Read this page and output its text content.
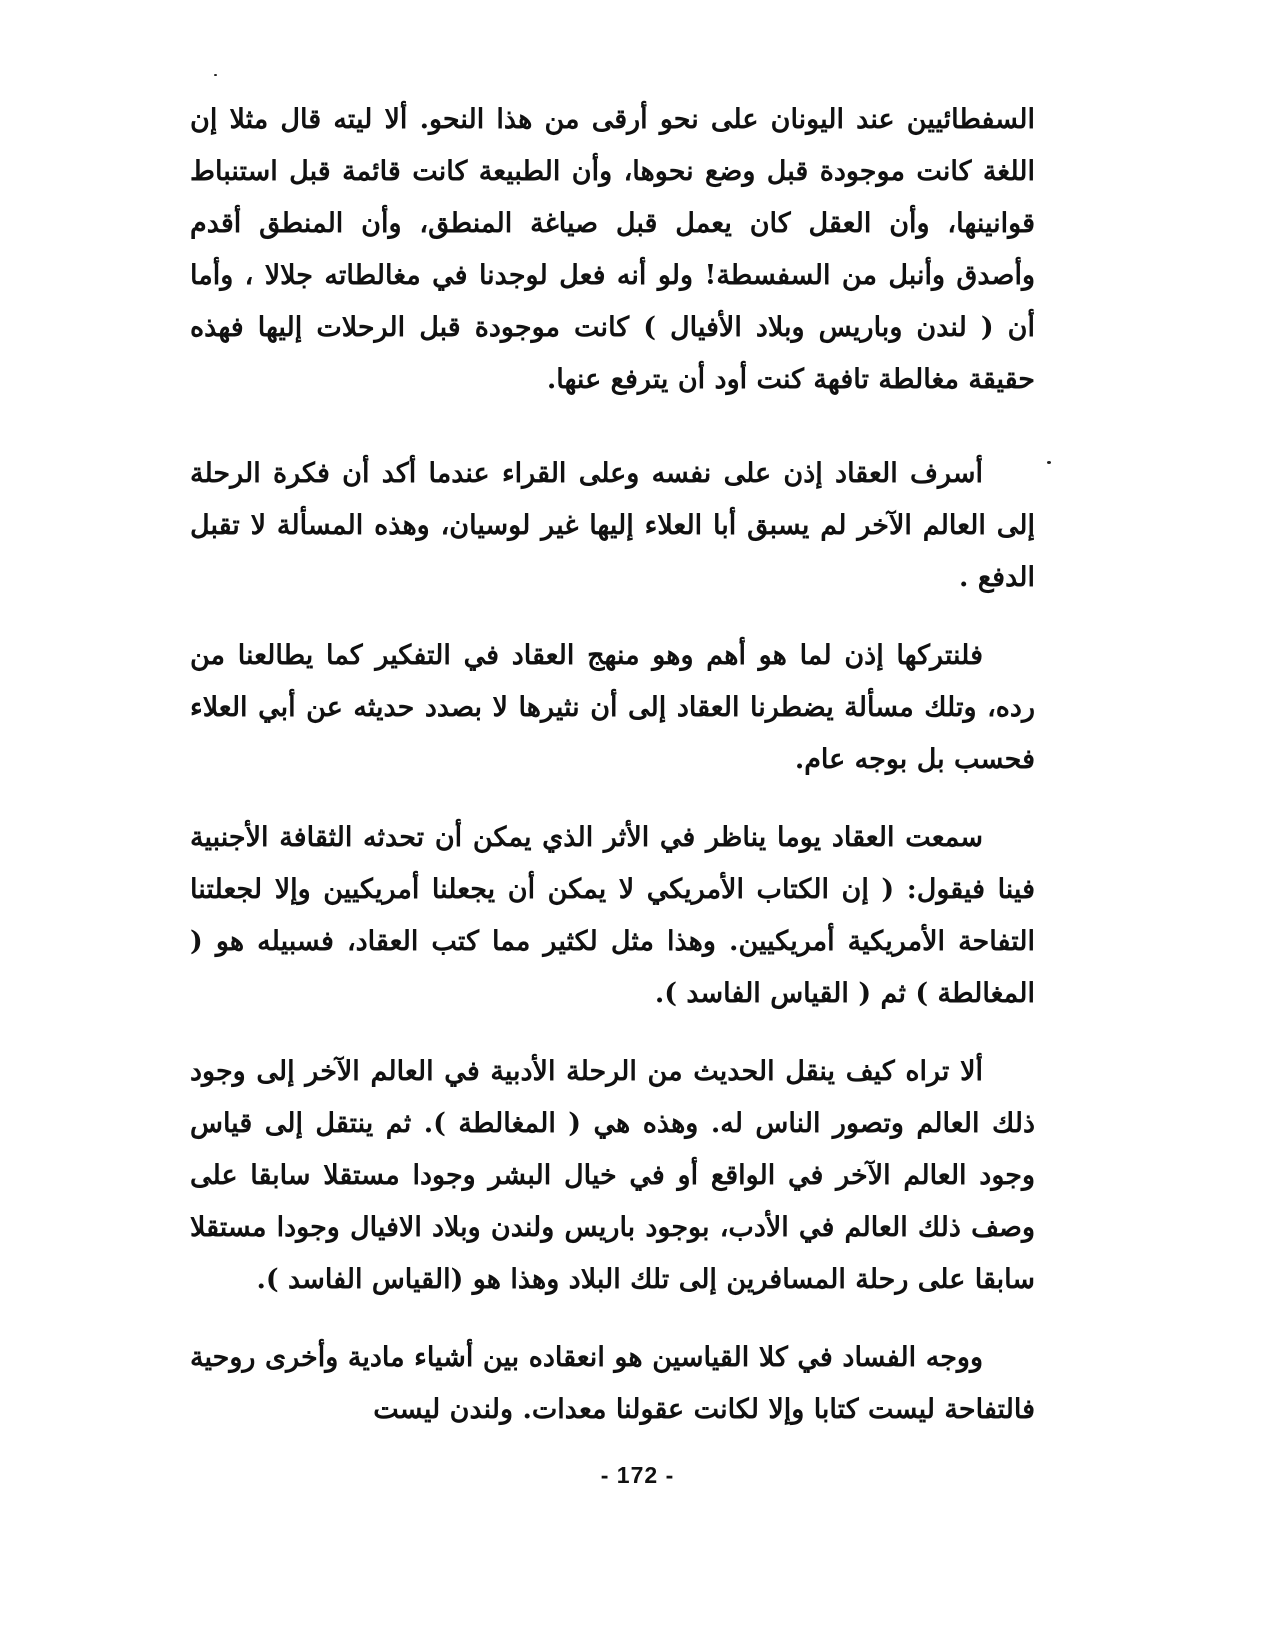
السفطائيين عند اليونان على نحو أرقى من هذا النحو. ألا ليته قال مثلا إن اللغة كانت موجودة قبل وضع نحوها، وأن الطبيعة كانت قائمة قبل استنباط قوانينها، وأن العقل كان يعمل قبل صياغة المنطق، وأن المنطق أقدم وأصدق وأنبل من السفسطة! ولو أنه فعل لوجدنا في مغالطاته جلالا ، وأما أن ( لندن وباريس وبلاد الأفيال ) كانت موجودة قبل الرحلات إليها فهذه حقيقة مغالطة تافهة كنت أود أن يترفع عنها.

أسرف العقاد إذن على نفسه وعلى القراء عندما أكد أن فكرة الرحلة إلى العالم الآخر لم يسبق أبا العلاء إليها غير لوسيان، وهذه المسألة لا تقبل الدفع .

فلنتركها إذن لما هو أهم وهو منهج العقاد في التفكير كما يطالعنا من رده، وتلك مسألة يضطرنا العقاد إلى أن نثيرها لا بصدد حديثه عن أبي العلاء فحسب بل بوجه عام.

سمعت العقاد يوما يناظر في الأثر الذي يمكن أن تحدثه الثقافة الأجنبية فينا فيقول: ( إن الكتاب الأمريكي لا يمكن أن يجعلنا أمريكيين وإلا لجعلتنا التفاحة الأمريكية أمريكيين. وهذا مثل لكثير مما كتب العقاد، فسبيله هو ( المغالطة ) ثم ( القياس الفاسد ).

ألا تراه كيف ينقل الحديث من الرحلة الأدبية في العالم الآخر إلى وجود ذلك العالم وتصور الناس له. وهذه هي ( المغالطة ). ثم ينتقل إلى قياس وجود العالم الآخر في الواقع أو في خيال البشر وجودا مستقلا سابقا على وصف ذلك العالم في الأدب، بوجود باريس ولندن وبلاد الافيال وجودا مستقلا سابقا على رحلة المسافرين إلى تلك البلاد وهذا هو (القياس الفاسد ).

ووجه الفساد في كلا القياسين هو انعقاده بين أشياء مادية وأخرى روحية فالتفاحة ليست كتابا وإلا لكانت عقولنا معدات. ولندن ليست

- 172 -
